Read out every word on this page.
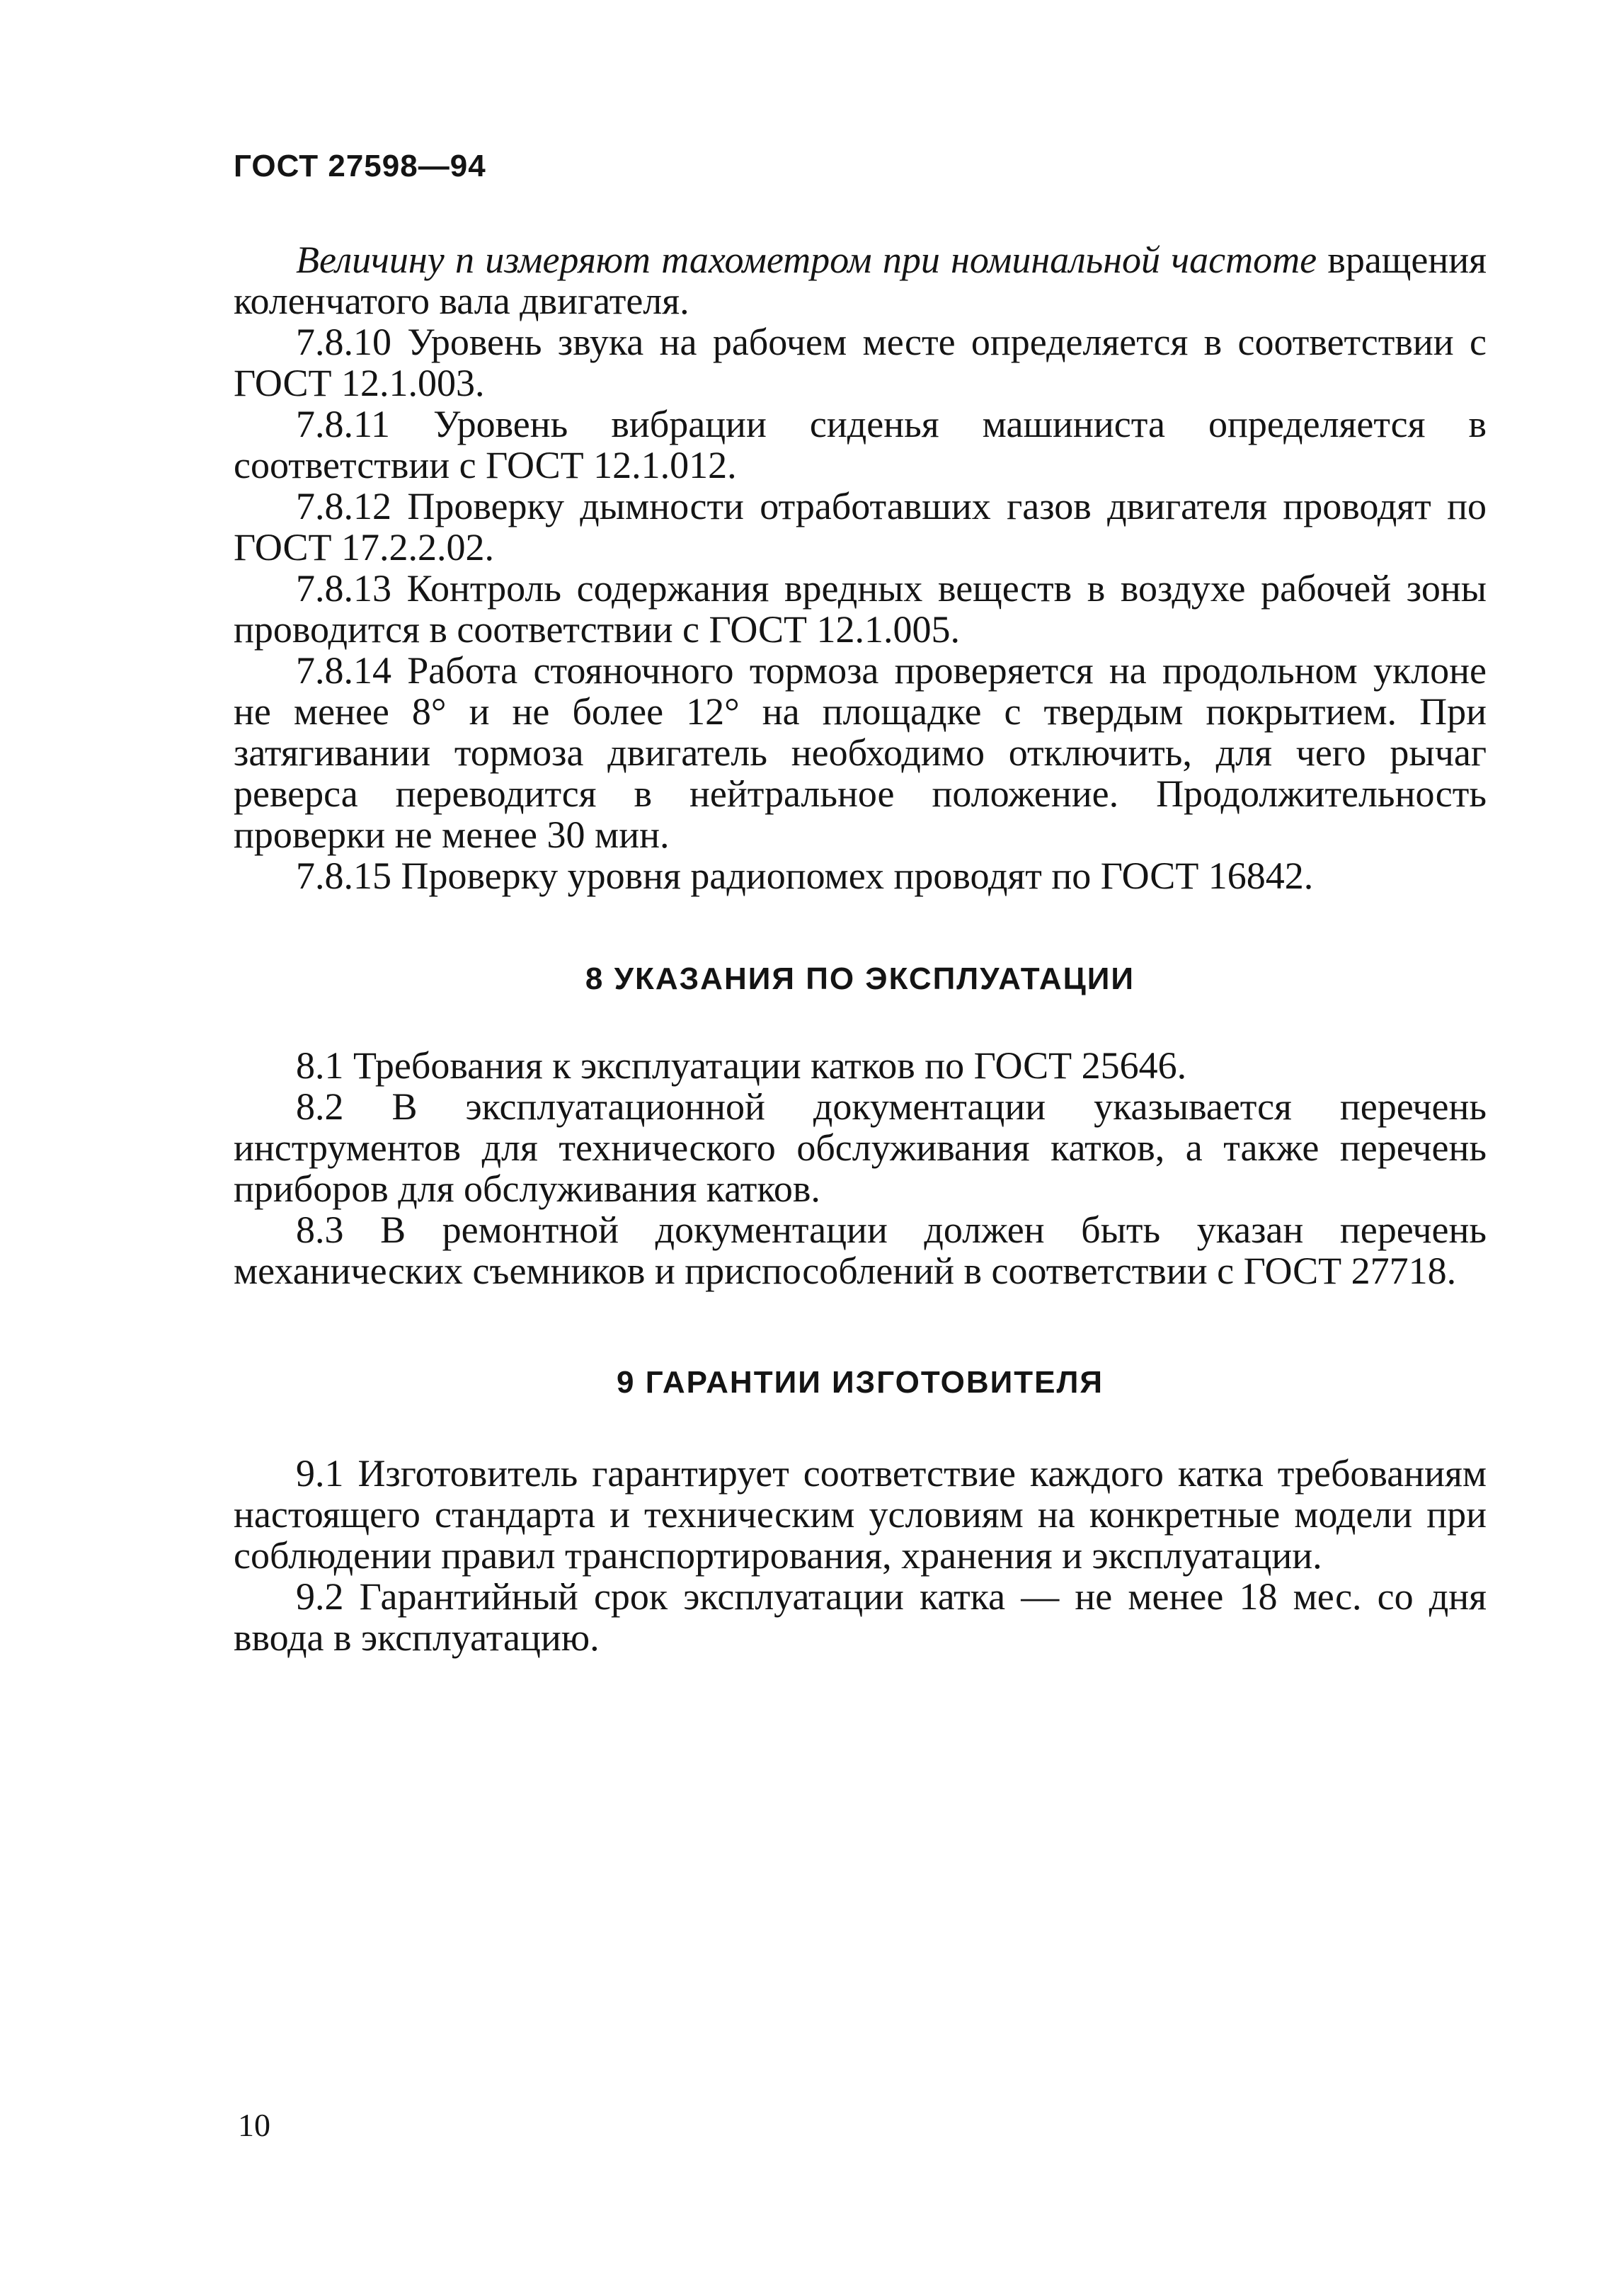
ГОСТ 27598—94

Величину n измеряют тахометром при номинальной частоте вращения коленчатого вала двигателя.

7.8.10 Уровень звука на рабочем месте определяется в соответствии с ГОСТ 12.1.003.

7.8.11 Уровень вибрации сиденья машиниста определяется в соответствии с ГОСТ 12.1.012.

7.8.12 Проверку дымности отработавших газов двигателя проводят по ГОСТ 17.2.2.02.

7.8.13 Контроль содержания вредных веществ в воздухе рабочей зоны проводится в соответствии с ГОСТ 12.1.005.

7.8.14 Работа стояночного тормоза проверяется на продольном уклоне не менее 8° и не более 12° на площадке с твердым покрытием. При затягивании тормоза двигатель необходимо отключить, для чего рычаг реверса переводится в нейтральное положение. Продолжительность проверки не менее 30 мин.

7.8.15 Проверку уровня радиопомех проводят по ГОСТ 16842.

8 УКАЗАНИЯ ПО ЭКСПЛУАТАЦИИ

8.1 Требования к эксплуатации катков по ГОСТ 25646.

8.2 В эксплуатационной документации указывается перечень инструментов для технического обслуживания катков, а также перечень приборов для обслуживания катков.

8.3 В ремонтной документации должен быть указан перечень механических съемников и приспособлений в соответствии с ГОСТ 27718.

9 ГАРАНТИИ ИЗГОТОВИТЕЛЯ

9.1 Изготовитель гарантирует соответствие каждого катка требованиям настоящего стандарта и техническим условиям на конкретные модели при соблюдении правил транспортирования, хранения и эксплуатации.

9.2 Гарантийный срок эксплуатации катка — не менее 18 мес. со дня ввода в эксплуатацию.

10
